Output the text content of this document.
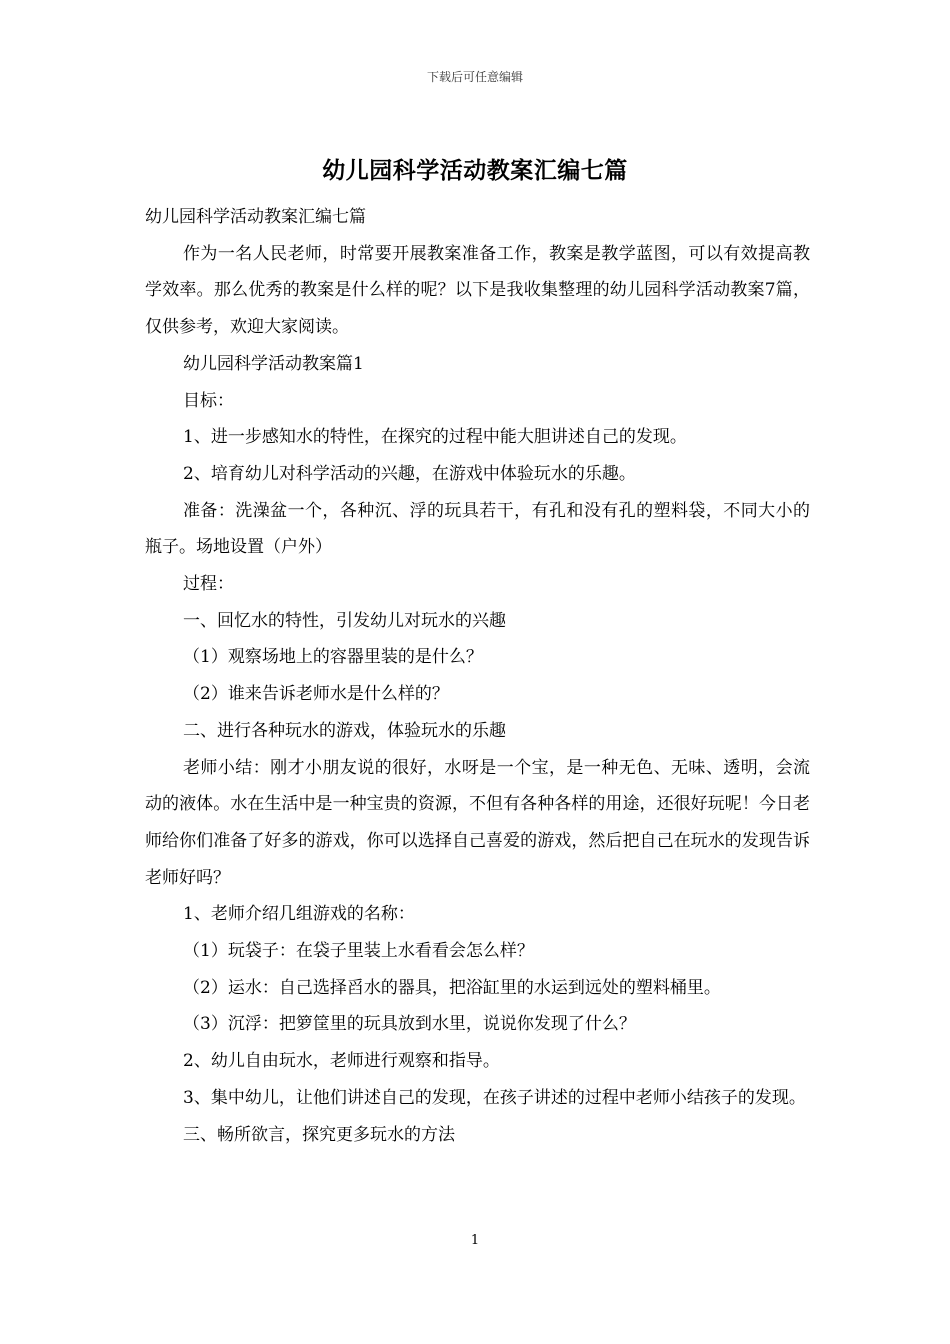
下载后可任意编辑
幼儿园科学活动教案汇编七篇

幼儿园科学活动教案汇编七篇

作为一名人民老师，时常要开展教案准备工作，教案是教学蓝图，可以有效提高教学效率。那么优秀的教案是什么样的呢？以下是我收集整理的幼儿园科学活动教案7篇，仅供参考，欢迎大家阅读。

幼儿园科学活动教案篇1

目标：

1、进一步感知水的特性，在探究的过程中能大胆讲述自己的发现。

2、培育幼儿对科学活动的兴趣，在游戏中体验玩水的乐趣。

准备：洗澡盆一个，各种沉、浮的玩具若干，有孔和没有孔的塑料袋，不同大小的瓶子。场地设置（户外）

过程：

一、回忆水的特性，引发幼儿对玩水的兴趣

（1）观察场地上的容器里装的是什么？

（2）谁来告诉老师水是什么样的？

二、进行各种玩水的游戏，体验玩水的乐趣

老师小结：刚才小朋友说的很好，水呀是一个宝，是一种无色、无味、透明，会流动的液体。水在生活中是一种宝贵的资源，不但有各种各样的用途，还很好玩呢！今日老师给你们准备了好多的游戏，你可以选择自己喜爱的游戏，然后把自己在玩水的发现告诉老师好吗？

1、老师介绍几组游戏的名称：

（1）玩袋子：在袋子里装上水看看会怎么样？

（2）运水：自己选择舀水的器具，把浴缸里的水运到远处的塑料桶里。

（3）沉浮：把箩筐里的玩具放到水里，说说你发现了什么？

2、幼儿自由玩水，老师进行观察和指导。

3、集中幼儿，让他们讲述自己的发现，在孩子讲述的过程中老师小结孩子的发现。

三、畅所欲言，探究更多玩水的方法

1
